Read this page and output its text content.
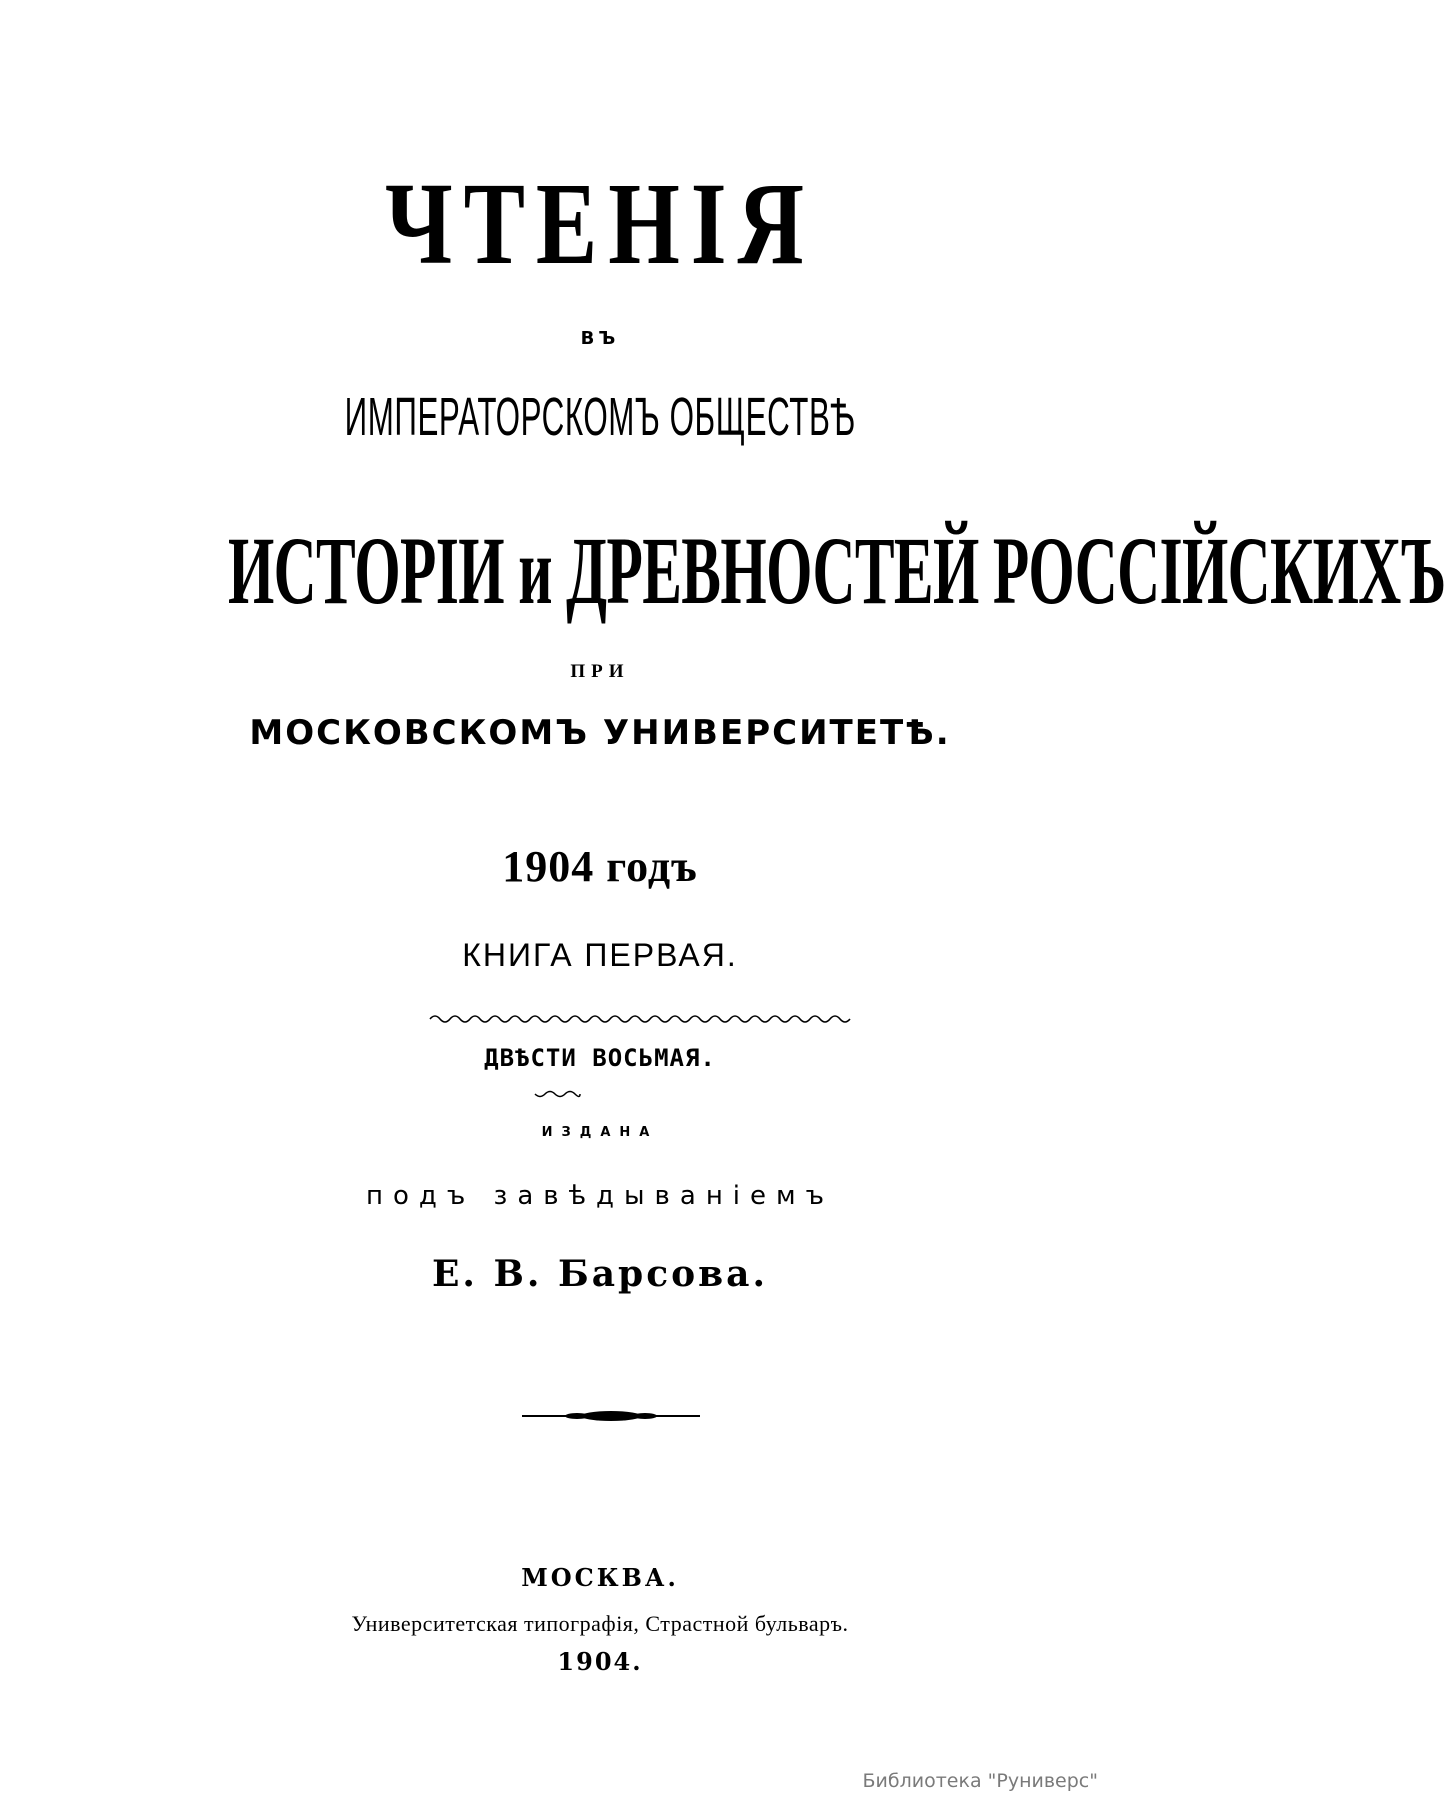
ЧТЕНІЯ
ВЪ
ИМПЕРАТОРСКОМЪ ОБЩЕСТВѢ
ИСТОРІИ и ДРЕВНОСТЕЙ РОССІЙСКИХЪ
ПРИ
МОСКОВСКОМЪ УНИВЕРСИТЕТѢ.
1904 годъ
КНИГА ПЕРВАЯ.
ДВѢСТИ ВОСЬМАЯ.
ИЗДАНА
подъ завѣдываніемъ
Е. В. Барсова.
МОСКВА.
Университетская типографія, Страстной бульваръ.
1904.
Библиотека "Руниверс"
